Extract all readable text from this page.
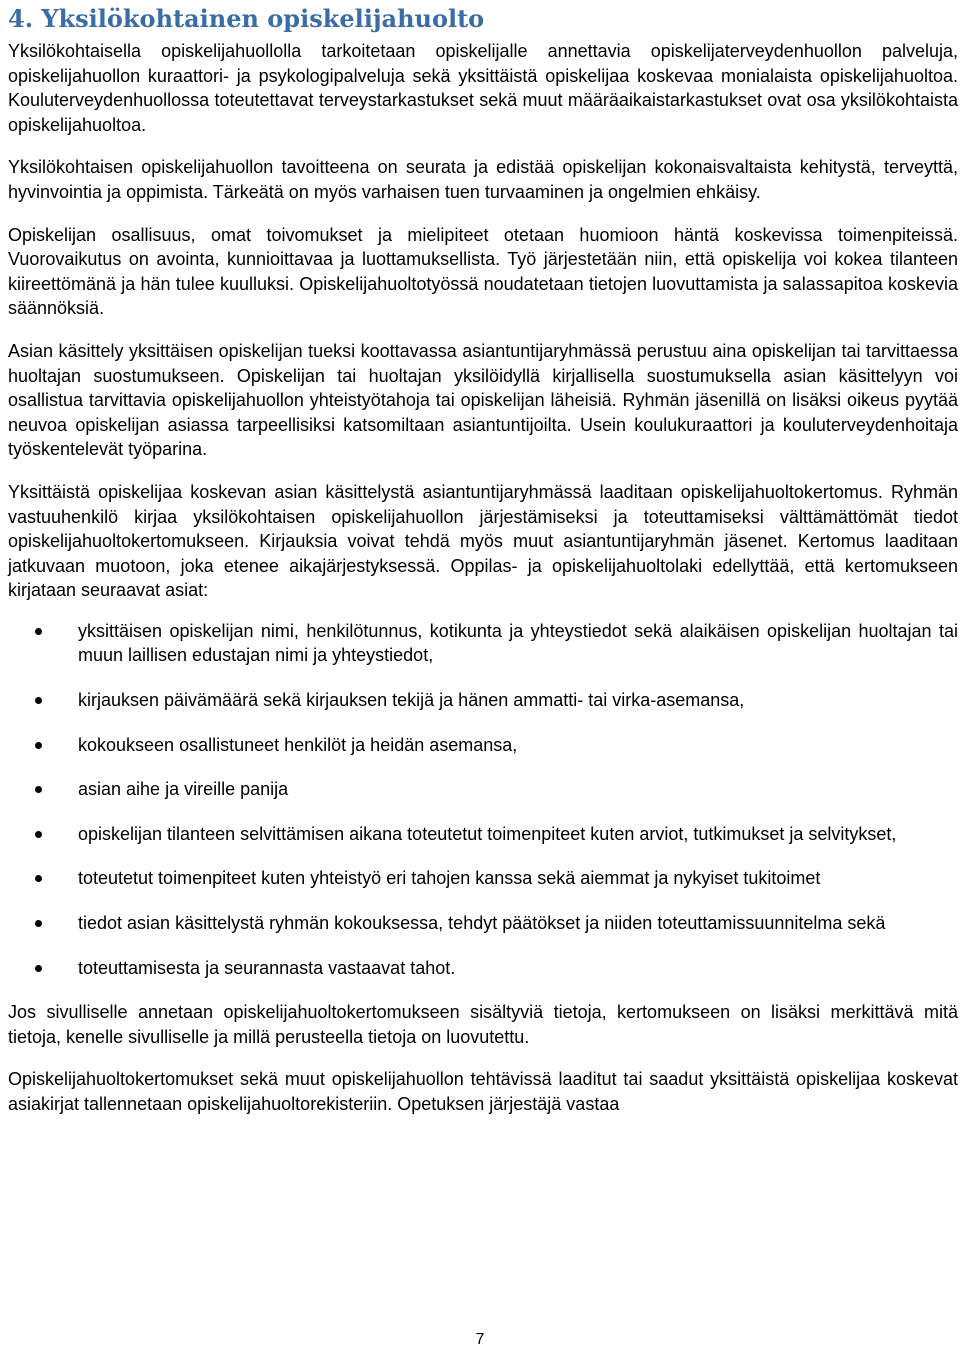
4. Yksilökohtainen opiskelijahuolto

Yksilökohtaisella opiskelijahuollolla tarkoitetaan opiskelijalle annettavia opiskelijaterveydenhuollon palveluja, opiskelijahuollon kuraattori- ja psykologipalveluja sekä yksittäistä opiskelijaa koskevaa monialaista opiskelijahuoltoa. Kouluterveydenhuollossa toteutettavat terveystarkastukset sekä muut määräaikaistarkastukset ovat osa yksilökohtaista opiskelijahuoltoa.

Yksilökohtaisen opiskelijahuollon tavoitteena on seurata ja edistää opiskelijan kokonaisvaltaista kehitystä, terveyttä, hyvinvointia ja oppimista. Tärkeätä on myös varhaisen tuen turvaaminen ja ongelmien ehkäisy.

Opiskelijan osallisuus, omat toivomukset ja mielipiteet otetaan huomioon häntä koskevissa toimenpiteissä. Vuorovaikutus on avointa, kunnioittavaa ja luottamuksellista. Työ järjestetään niin, että opiskelija voi kokea tilanteen kiireettömänä ja hän tulee kuulluksi. Opiskelijahuoltotyössä noudatetaan tietojen luovuttamista ja salassapitoa koskevia säännöksiä.

Asian käsittely yksittäisen opiskelijan tueksi koottavassa asiantuntijaryhmässä perustuu aina opiskelijan tai tarvittaessa huoltajan suostumukseen. Opiskelijan tai huoltajan yksilöidyllä kirjallisella suostumuksella asian käsittelyyn voi osallistua tarvittavia opiskelijahuollon yhteistyötahoja tai opiskelijan läheisiä. Ryhmän jäsenillä on lisäksi oikeus pyytää neuvoa opiskelijan asiassa tarpeellisiksi katsomiltaan asiantuntijoilta. Usein koulukuraattori ja kouluterveydenhoitaja työskentelevät työparina.

Yksittäistä opiskelijaa koskevan asian käsittelystä asiantuntijaryhmässä laaditaan opiskelijahuoltokertomus. Ryhmän vastuuhenkilö kirjaa yksilökohtaisen opiskelijahuollon järjestämiseksi ja toteuttamiseksi välttämättömät tiedot opiskelijahuoltokertomukseen. Kirjauksia voivat tehdä myös muut asiantuntijaryhmän jäsenet. Kertomus laaditaan jatkuvaan muotoon, joka etenee aikajärjestyksessä. Oppilas- ja opiskelijahuoltolaki edellyttää, että kertomukseen kirjataan seuraavat asiat:

yksittäisen opiskelijan nimi, henkilötunnus, kotikunta ja yhteystiedot sekä alaikäisen opiskelijan huoltajan tai muun laillisen edustajan nimi ja yhteystiedot,
kirjauksen päivämäärä sekä kirjauksen tekijä ja hänen ammatti- tai virka-asemansa,
kokoukseen osallistuneet henkilöt ja heidän asemansa,
asian aihe ja vireille panija
opiskelijan tilanteen selvittämisen aikana toteutetut toimenpiteet kuten arviot, tutkimukset ja selvitykset,
toteutetut toimenpiteet kuten yhteistyö eri tahojen kanssa sekä aiemmat ja nykyiset tukitoimet
tiedot asian käsittelystä ryhmän kokouksessa, tehdyt päätökset ja niiden toteuttamissuunnitelma sekä
toteuttamisesta ja seurannasta vastaavat tahot.

Jos sivulliselle annetaan opiskelijahuoltokertomukseen sisältyviä tietoja, kertomukseen on lisäksi merkittävä mitä tietoja, kenelle sivulliselle ja millä perusteella tietoja on luovutettu.

Opiskelijahuoltokertomukset sekä muut opiskelijahuollon tehtävissä laaditut tai saadut yksittäistä opiskelijaa koskevat asiakirjat tallennetaan opiskelijahuoltorekisteriin. Opetuksen järjestäjä vastaa

7
